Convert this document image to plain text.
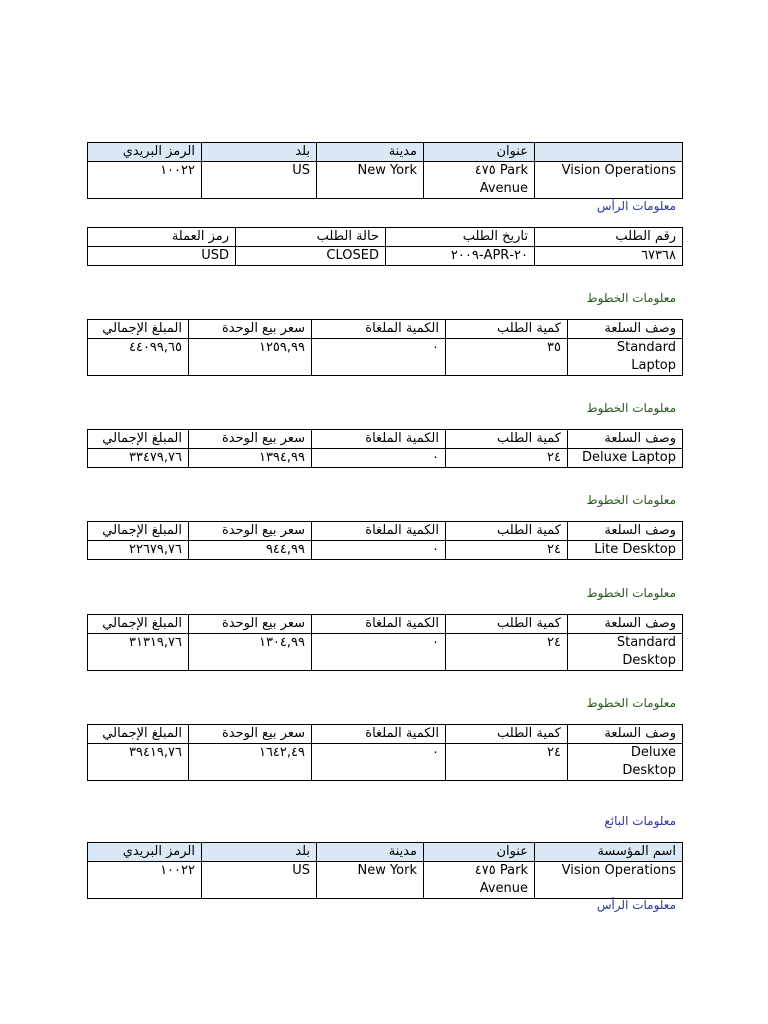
	عنوان	مدينة	بلد	الرمز البريدي
Vision Operations	Park ٤٧٥ Avenue	New York	US	١٠٠٢٢
معلومات الرأس
رقم الطلب	تاريخ الطلب	حالة الطلب	رمز العملة
٦٧٣٦٨	٢٠-APR-٢٠٠٩	CLOSED	USD
معلومات الخطوط
وصف السلعة	كمية الطلب	الكمية الملغاة	سعر بيع الوحدة	المبلغ الإجمالي
Standard Laptop	٣٥	٠	١٢٥٩,٩٩	٤٤٠٩٩,٦٥
معلومات الخطوط
وصف السلعة	كمية الطلب	الكمية الملغاة	سعر بيع الوحدة	المبلغ الإجمالي
Deluxe Laptop	٢٤	٠	١٣٩٤,٩٩	٣٣٤٧٩,٧٦
معلومات الخطوط
وصف السلعة	كمية الطلب	الكمية الملغاة	سعر بيع الوحدة	المبلغ الإجمالي
Lite Desktop	٢٤	٠	٩٤٤,٩٩	٢٢٦٧٩,٧٦
معلومات الخطوط
وصف السلعة	كمية الطلب	الكمية الملغاة	سعر بيع الوحدة	المبلغ الإجمالي
Standard Desktop	٢٤	٠	١٣٠٤,٩٩	٣١٣١٩,٧٦
معلومات الخطوط
وصف السلعة	كمية الطلب	الكمية الملغاة	سعر بيع الوحدة	المبلغ الإجمالي
Deluxe Desktop	٢٤	٠	١٦٤٢,٤٩	٣٩٤١٩,٧٦
معلومات البائع
اسم المؤسسة	عنوان	مدينة	بلد	الرمز البريدي
Vision Operations	Park ٤٧٥ Avenue	New York	US	١٠٠٢٢
معلومات الرأس
